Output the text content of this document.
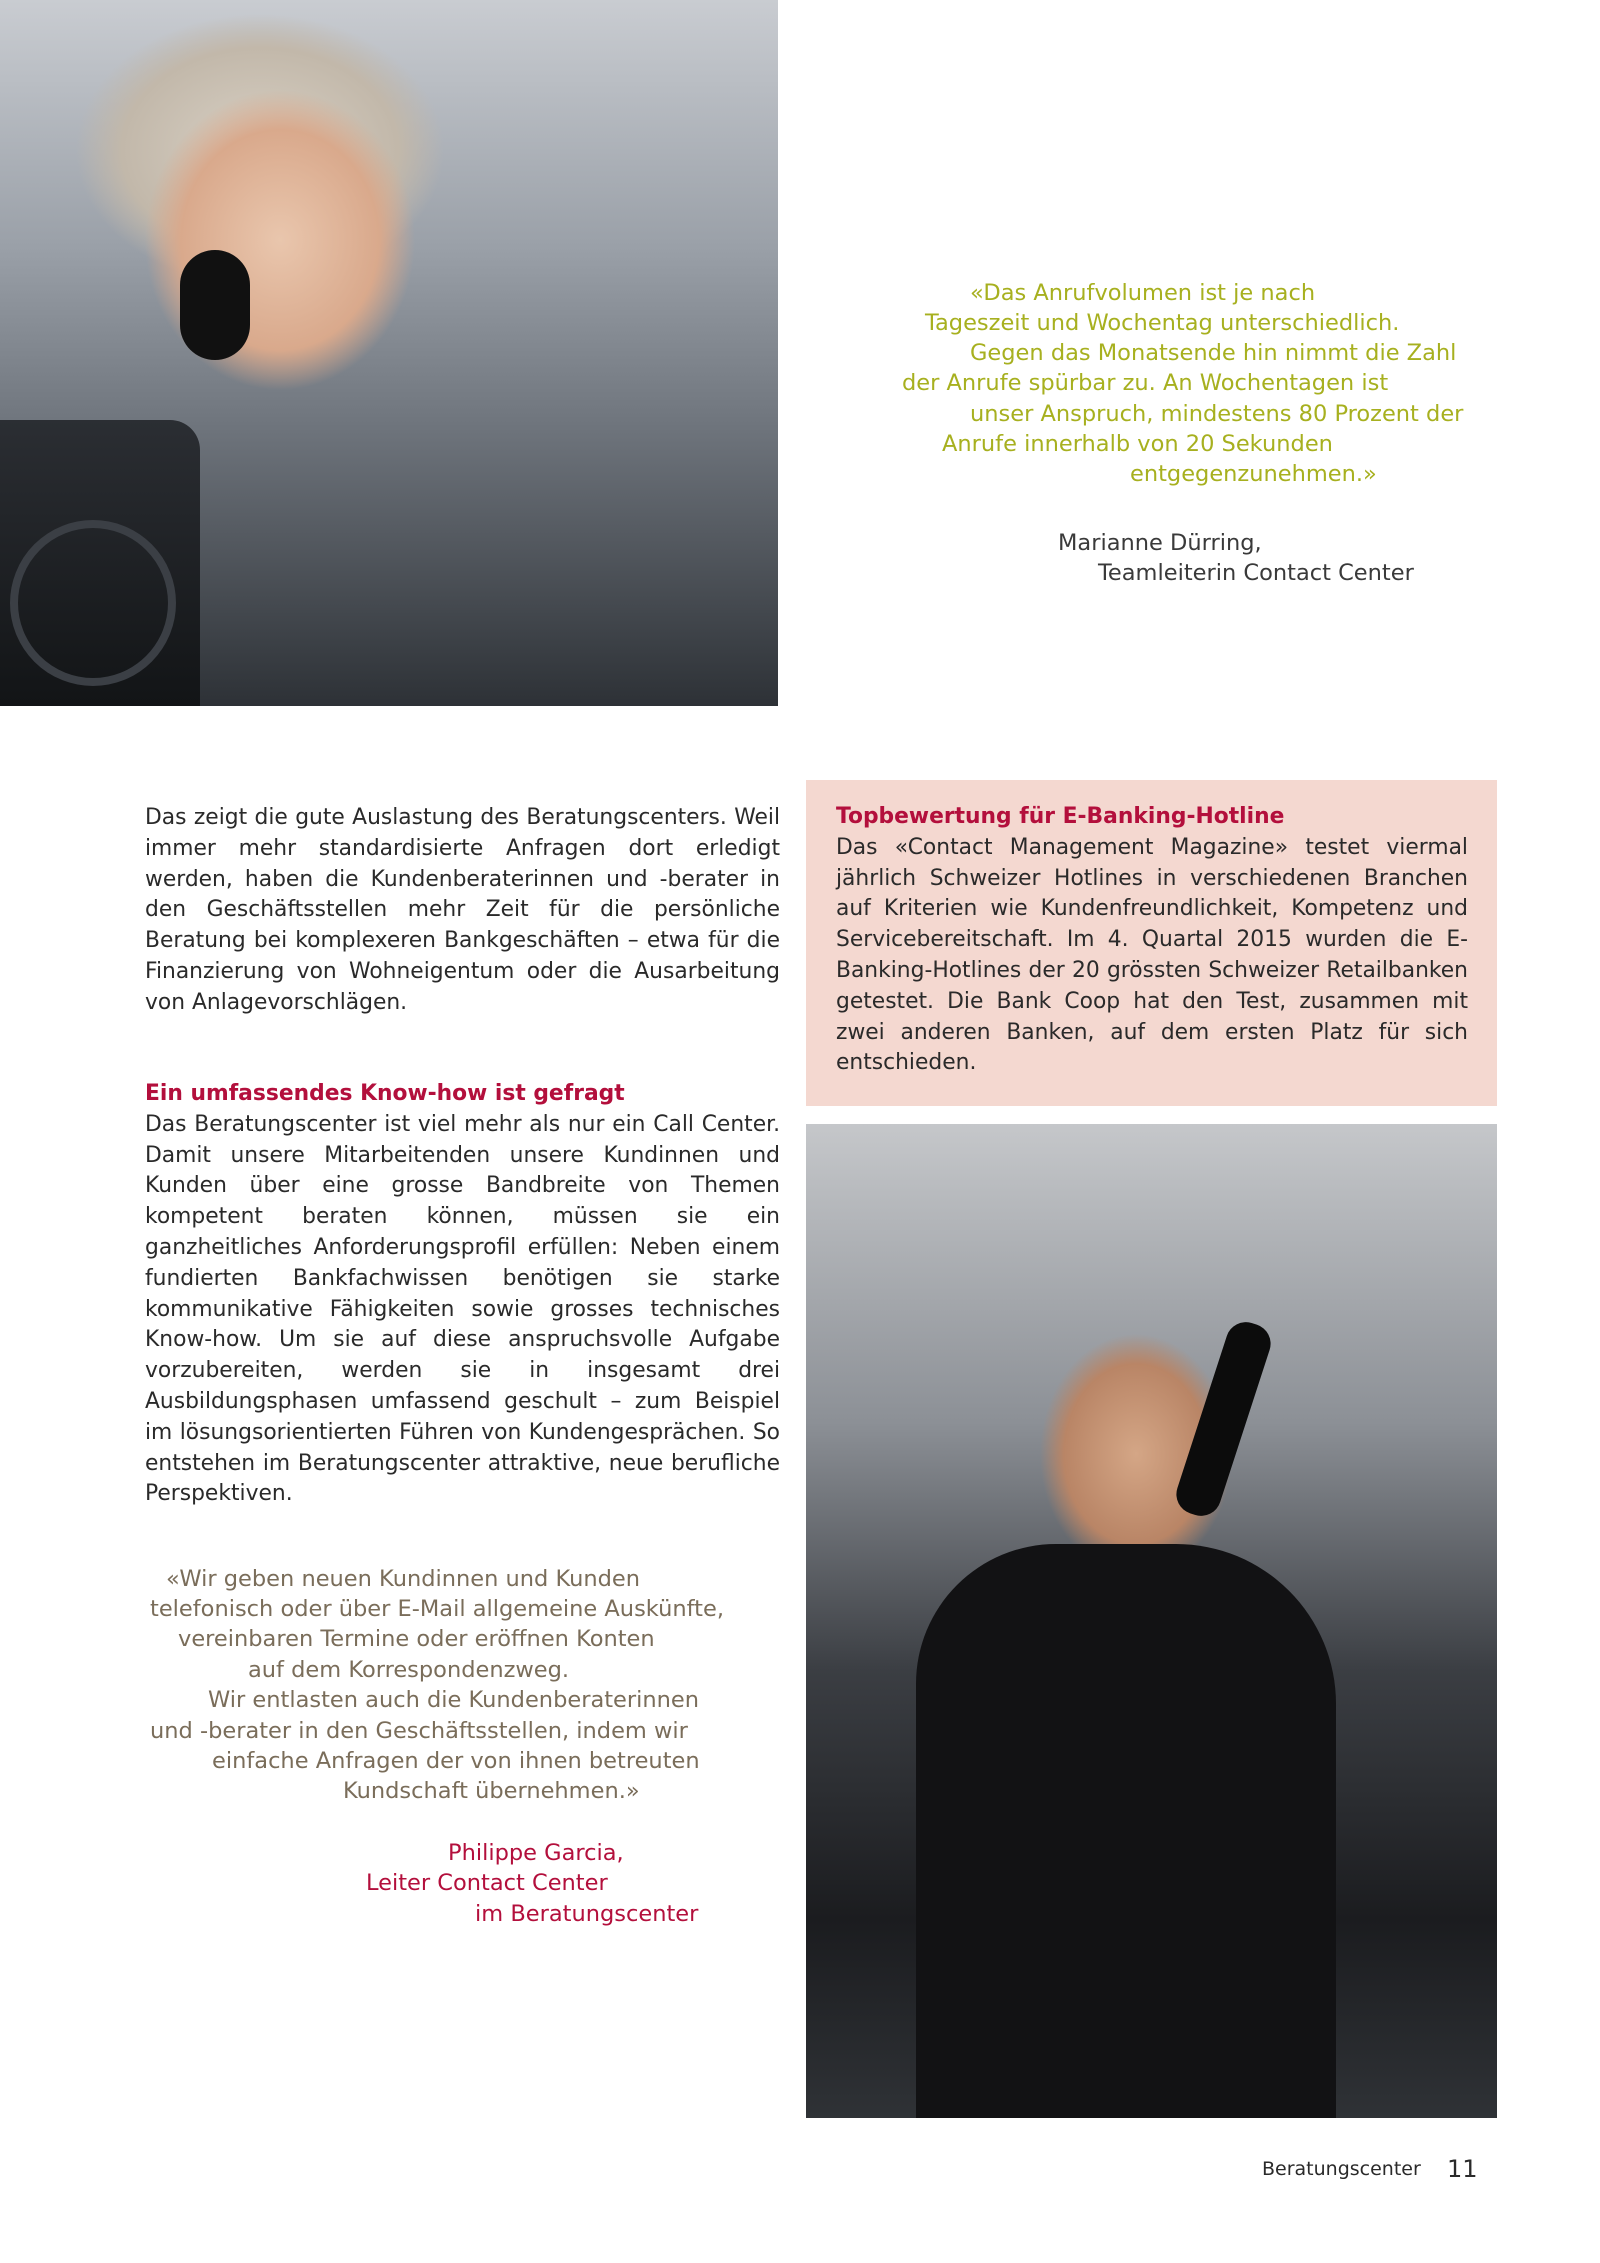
«Das Anrufvolumen ist je nach
Tageszeit und Wochentag unterschiedlich.
Gegen das Monatsende hin nimmt die Zahl
der Anrufe spürbar zu. An Wochentagen ist
unser Anspruch, mindestens 80 Prozent der
Anrufe innerhalb von 20 Sekunden
entgegenzunehmen.»
Marianne Dürring,
Teamleiterin Contact Center
Das zeigt die gute Auslastung des Beratungscenters. Weil immer mehr standardisierte Anfragen dort erledigt werden, haben die Kundenberaterinnen und -berater in den Geschäftsstellen mehr Zeit für die persönliche Beratung bei komplexeren Bankgeschäften – etwa für die Finanzierung von Wohneigentum oder die Ausarbeitung von Anlagevorschlägen.
Ein umfassendes Know-how ist gefragt
Das Beratungscenter ist viel mehr als nur ein Call Center. Damit unsere Mitarbeitenden unsere Kundinnen und Kunden über eine grosse Bandbreite von Themen kompetent beraten können, müssen sie ein ganzheitliches Anforderungsprofil erfüllen: Neben einem fundierten Bankfachwissen benötigen sie starke kommunikative Fähigkeiten sowie grosses technisches Know-how. Um sie auf diese anspruchsvolle Aufgabe vorzubereiten, werden sie in insgesamt drei Ausbildungsphasen umfassend geschult – zum Beispiel im lösungsorientierten Führen von Kundengesprächen. So entstehen im Beratungscenter attraktive, neue berufliche Perspektiven.
Topbewertung für E-Banking-Hotline
Das «Contact Management Magazine» testet viermal jährlich Schweizer Hotlines in verschiedenen Branchen auf Kriterien wie Kundenfreundlichkeit, Kompetenz und Servicebereitschaft. Im 4. Quartal 2015 wurden die E-Banking-Hotlines der 20 grössten Schweizer Retailbanken getestet. Die Bank Coop hat den Test, zusammen mit zwei anderen Banken, auf dem ersten Platz für sich entschieden.
«Wir geben neuen Kundinnen und Kunden
telefonisch oder über E-Mail allgemeine Auskünfte,
vereinbaren Termine oder eröffnen Konten
auf dem Korrespondenzweg.
Wir entlasten auch die Kundenberaterinnen
und -berater in den Geschäftsstellen, indem wir
einfache Anfragen der von ihnen betreuten
Kundschaft übernehmen.»
Philippe Garcia,
Leiter Contact Center
im Beratungscenter
Beratungscenter 11
